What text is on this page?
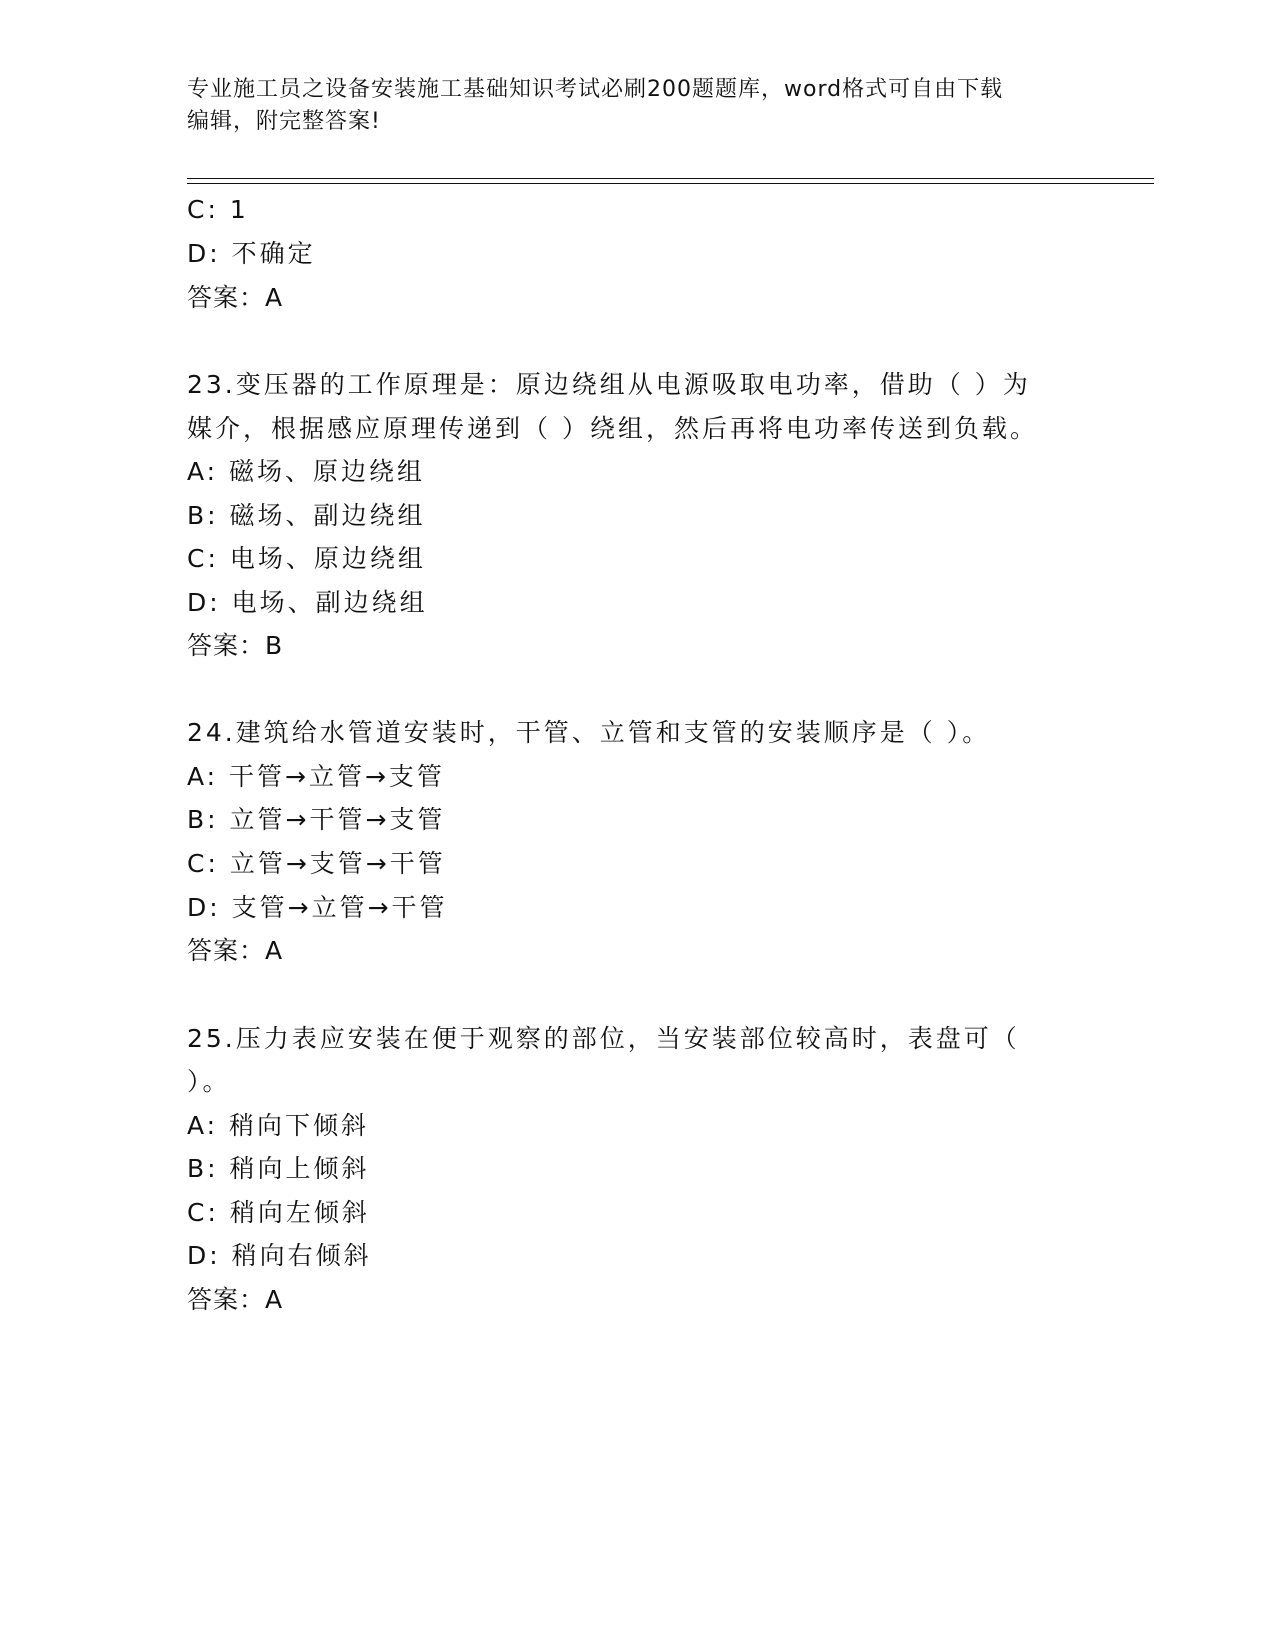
专业施工员之设备安装施工基础知识考试必刷200题题库，word格式可自由下载
编辑，附完整答案!
C: 1
D: 不确定
答案：A
23.变压器的工作原理是：原边绕组从电源吸取电功率，借助（ ）为
媒介，根据感应原理传递到（ ）绕组，然后再将电功率传送到负载。
A: 磁场、原边绕组
B: 磁场、副边绕组
C: 电场、原边绕组
D: 电场、副边绕组
答案：B
24.建筑给水管道安装时，干管、立管和支管的安装顺序是（ ）。
A: 干管→立管→支管
B: 立管→干管→支管
C: 立管→支管→干管
D: 支管→立管→干管
答案：A
25.压力表应安装在便于观察的部位，当安装部位较高时，表盘可（
）。
A: 稍向下倾斜
B: 稍向上倾斜
C: 稍向左倾斜
D: 稍向右倾斜
答案：A
